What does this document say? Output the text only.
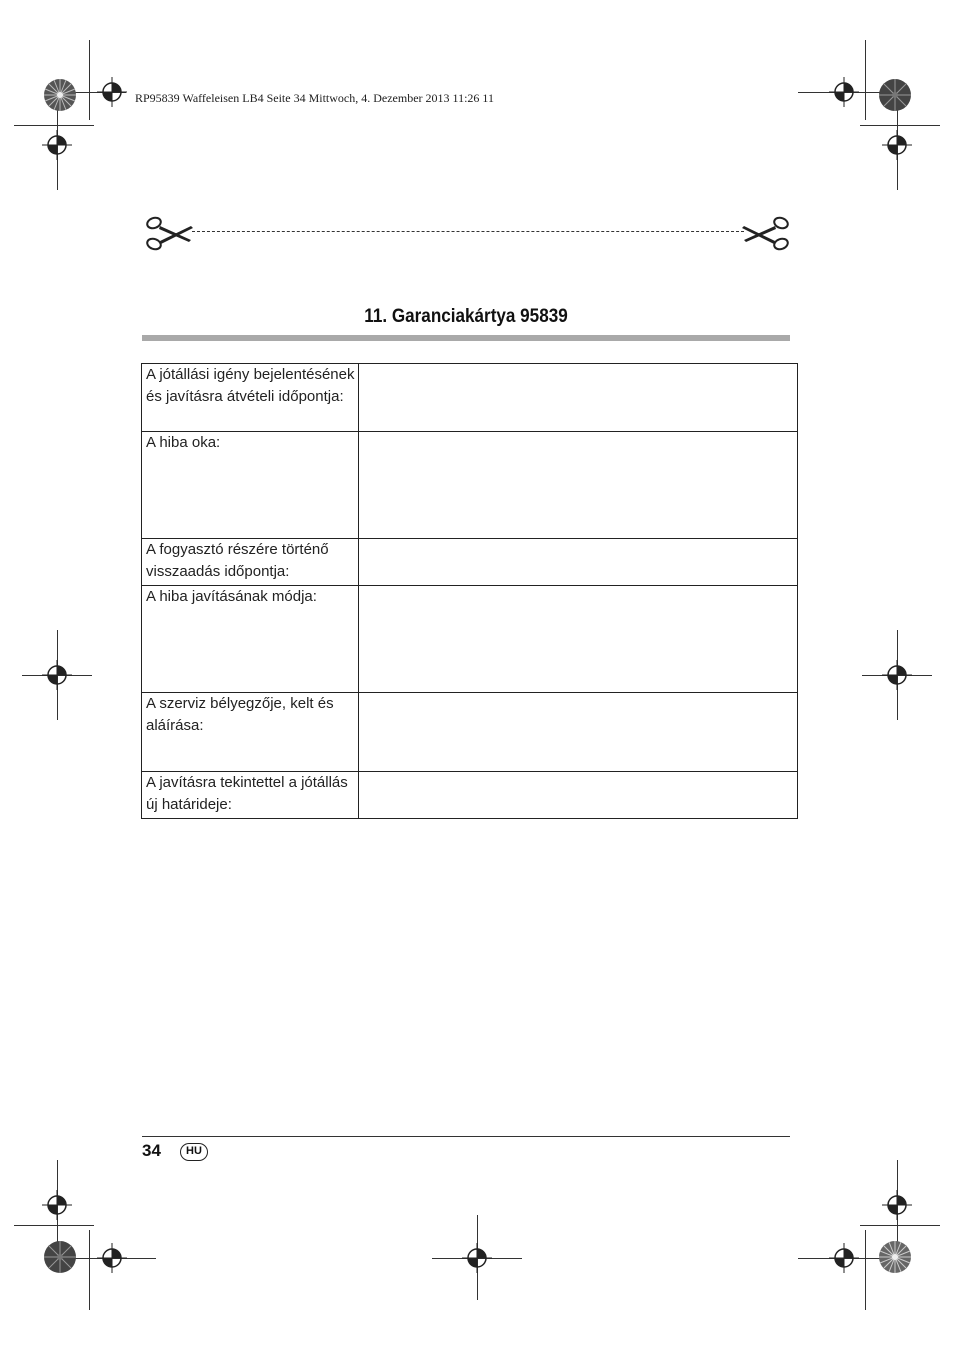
RP95839 Waffeleisen LB4 Seite 34 Mittwoch, 4. Dezember 2013 11:26 11
11. Garanciakártya 95839
A jótállási igény bejelentésének és javításra átvételi időpontja:	
A hiba oka:	
A fogyasztó részére történő visszaadás időpontja:	
A hiba javításának módja:	
A szerviz bélyegzője, kelt és aláírása:	
A javításra tekintettel a jótállás új határideje:	
34	HU
